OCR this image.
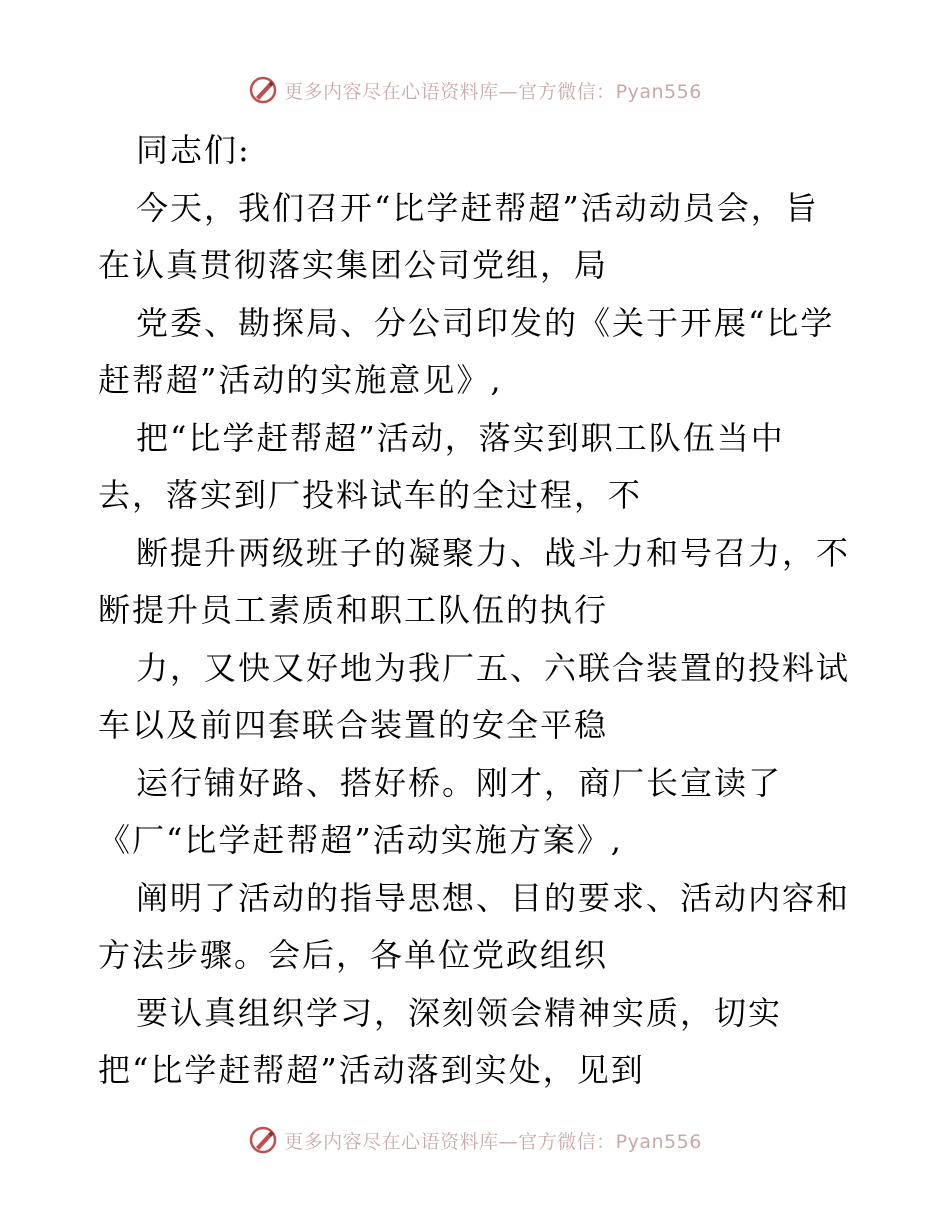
更多内容尽在心语资料库—官方微信：Pyan556
同志们:
今天，我们召开“比学赶帮超”活动动员会，旨
在认真贯彻落实集团公司党组，局
党委、勘探局、分公司印发的《关于开展“比学
赶帮超”活动的实施意见》,
把“比学赶帮超”活动，落实到职工队伍当中
去，落实到厂投料试车的全过程，不
断提升两级班子的凝聚力、战斗力和号召力，不
断提升员工素质和职工队伍的执行
力，又快又好地为我厂五、六联合装置的投料试
车以及前四套联合装置的安全平稳
运行铺好路、搭好桥。刚才，商厂长宣读了
《厂“比学赶帮超”活动实施方案》,
阐明了活动的指导思想、目的要求、活动内容和
方法步骤。会后，各单位党政组织
要认真组织学习，深刻领会精神实质，切实
把“比学赶帮超”活动落到实处，见到
更多内容尽在心语资料库—官方微信：Pyan556
